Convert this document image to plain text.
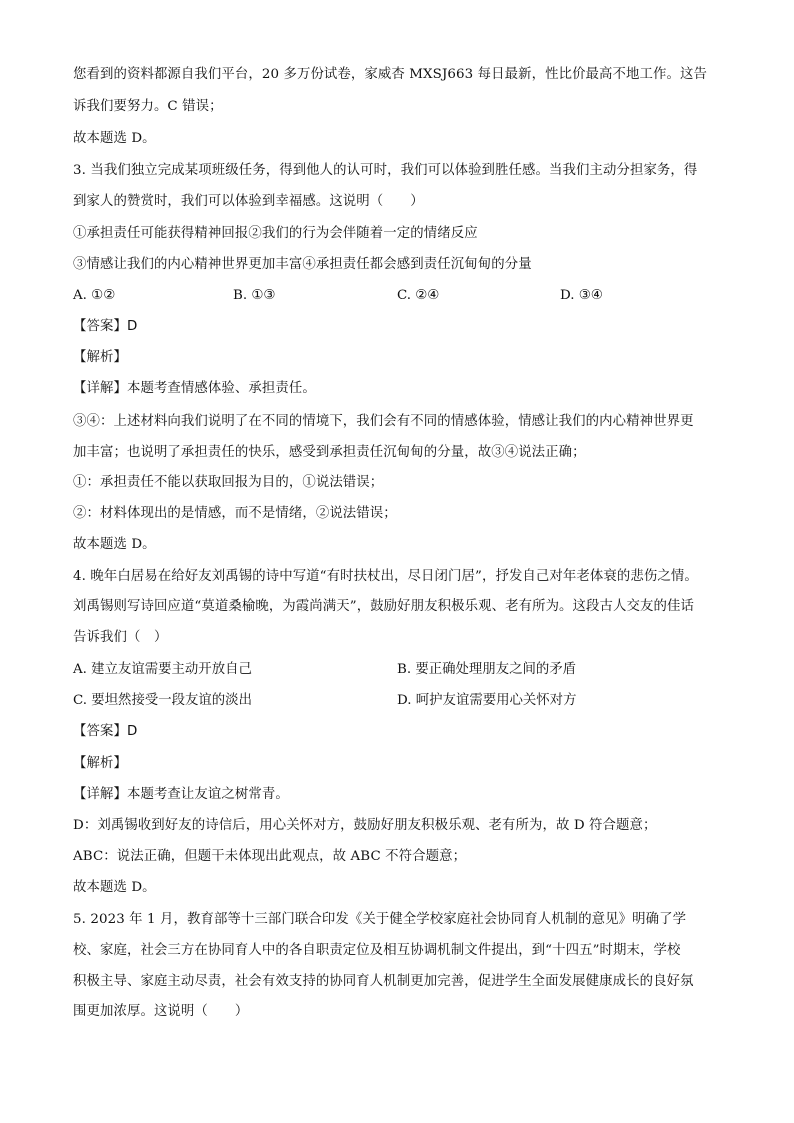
您看到的资料都源自我们平台，20 多万份试卷，家威杏 MXSJ663 每日最新，性比价最高不地工作。这告
诉我们要努力。C 错误；
故本题选 D。
3. 当我们独立完成某项班级任务，得到他人的认可时，我们可以体验到胜任感。当我们主动分担家务，得
到家人的赞赏时，我们可以体验到幸福感。这说明（　　）
①承担责任可能获得精神回报②我们的行为会伴随着一定的情绪反应
③情感让我们的内心精神世界更加丰富④承担责任都会感到责任沉甸甸的分量
A. ①②	B. ①③	C. ②④	D. ③④
【答案】D
【解析】
【详解】本题考查情感体验、承担责任。
③④：上述材料向我们说明了在不同的情境下，我们会有不同的情感体验，情感让我们的内心精神世界更
加丰富；也说明了承担责任的快乐，感受到承担责任沉甸甸的分量，故③④说法正确；
①：承担责任不能以获取回报为目的，①说法错误；
②：材料体现出的是情感，而不是情绪，②说法错误；
故本题选 D。
4. 晚年白居易在给好友刘禹锡的诗中写道“有时扶杖出，尽日闭门居”，抒发自己对年老体衰的悲伤之情。
刘禹锡则写诗回应道“莫道桑榆晚，为霞尚满天”，鼓励好朋友积极乐观、老有所为。这段古人交友的佳话
告诉我们（　）
A. 建立友谊需要主动开放自己	B. 要正确处理朋友之间的矛盾
C. 要坦然接受一段友谊的淡出	D. 呵护友谊需要用心关怀对方
【答案】D
【解析】
【详解】本题考查让友谊之树常青。
D：刘禹锡收到好友的诗信后，用心关怀对方，鼓励好朋友积极乐观、老有所为，故 D 符合题意；
ABC：说法正确，但题干未体现出此观点，故 ABC 不符合题意；
故本题选 D。
5. 2023 年 1 月，教育部等十三部门联合印发《关于健全学校家庭社会协同育人机制的意见》明确了学
校、家庭，社会三方在协同育人中的各自职责定位及相互协调机制文件提出，到“十四五”时期末，学校
积极主导、家庭主动尽责，社会有效支持的协同育人机制更加完善，促进学生全面发展健康成长的良好氛
围更加浓厚。这说明（　　）
